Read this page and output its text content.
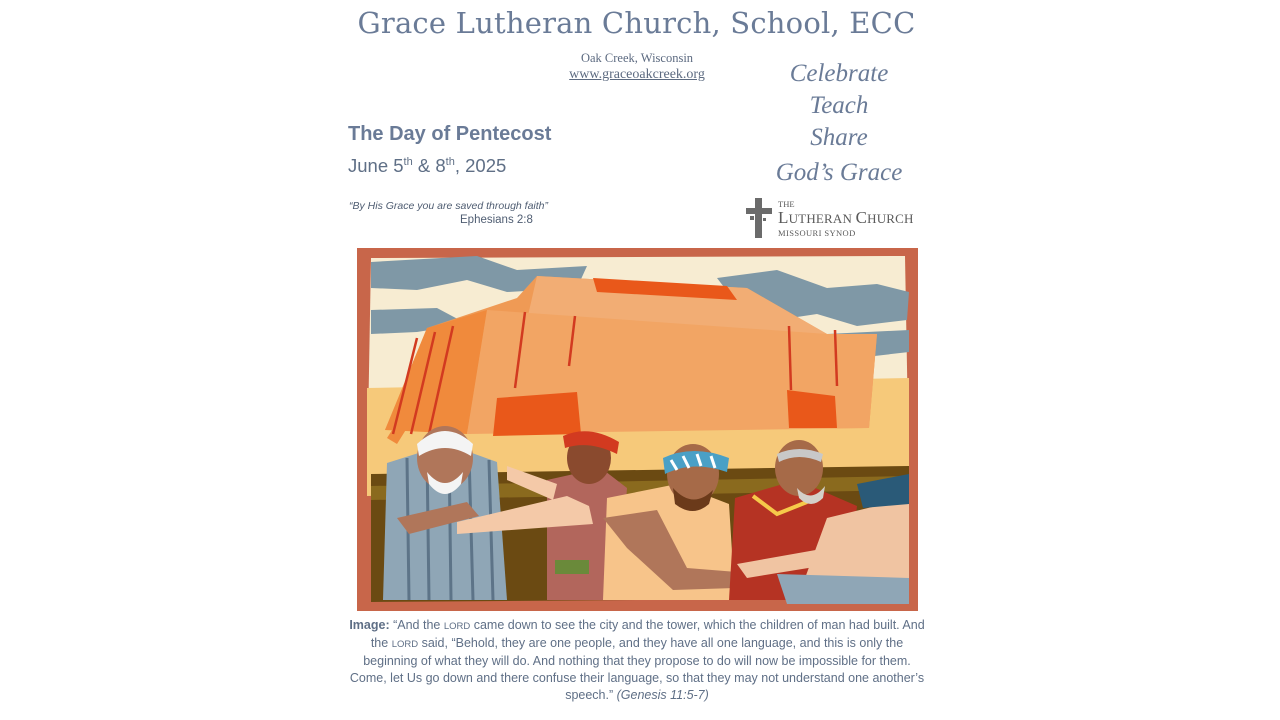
Grace Lutheran Church, School, ECC
Oak Creek, Wisconsin
www.graceoakcreek.org	Celebrate
Teach
Share
God’s Grace
The Day of Pentecost
June 5th & 8th, 2025
“By His Grace you are saved through faith”
Ephesians 2:8
THE
LUTHERAN CHURCH
MISSOURI SYNOD
Image: “And the LORD came down to see the city and the tower, which the children of man had built. And the LORD said, “Behold, they are one people, and they have all one language, and this is only the beginning of what they will do. And nothing that they propose to do will now be impossible for them. Come, let Us go down and there confuse their language, so that they may not understand one another’s speech.” (Genesis 11:5-7)
